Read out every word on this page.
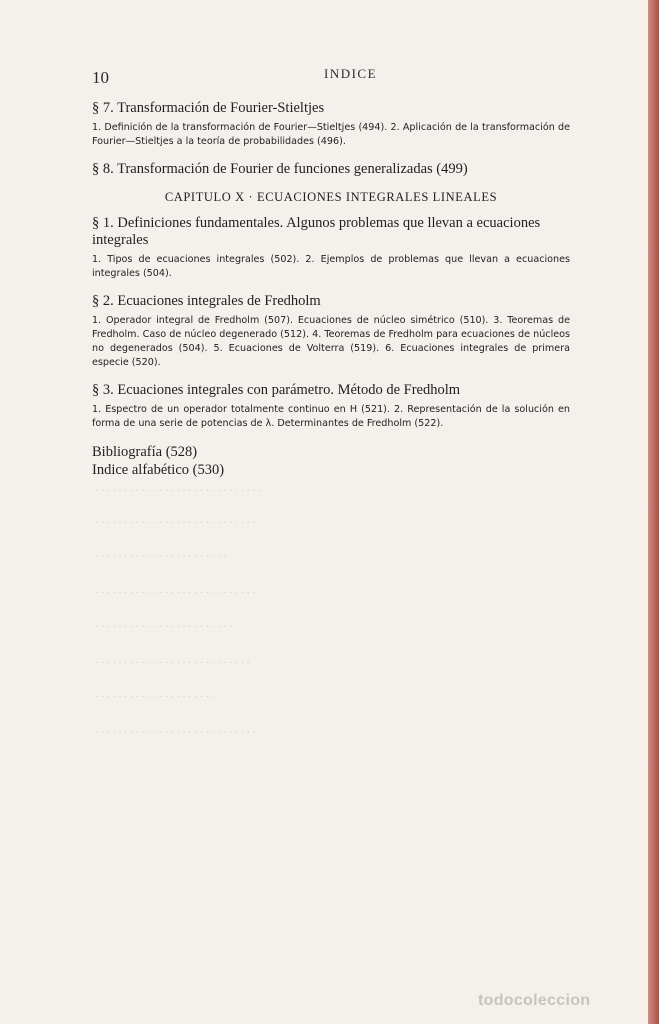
· · · · · · · · · · · · · · · · · · · · · · · · · · · · ·
· · · · · · · · · · · · · · · · · · · · · · · · · · · ·
· · · · · · · · · · · · · · · · · · · · · · ·
· · · · · · · · · · · · · · · · · · · · · · · · · · · ·
· · · · · · · · · · · · · · · · · · · · · · · ·
· · · · · · · · · · · · · · · · · · · · · · · · · · ·
· · · · · · · · · · · · · · · · · · · · ·
· · · · · · · · · · · · · · · · · · · · · · · · · · · ·
10	INDICE

§ 7. Transformación de Fourier-Stieltjes

1. Definición de la transformación de Fourier—Stieltjes (494). 2. Aplicación de la transformación de Fourier—Stieltjes a la teoría de probabilidades (496).

§ 8. Transformación de Fourier de funciones generalizadas (499)

CAPITULO X · ECUACIONES INTEGRALES LINEALES

§ 1. Definiciones fundamentales. Algunos problemas que llevan a ecuaciones integrales

1. Tipos de ecuaciones integrales (502). 2. Ejemplos de problemas que llevan a ecuaciones integrales (504).

§ 2. Ecuaciones integrales de Fredholm

1. Operador integral de Fredholm (507). Ecuaciones de núcleo simétrico (510). 3. Teoremas de Fredholm. Caso de núcleo degenerado (512). 4. Teoremas de Fredholm para ecuaciones de núcleos no degenerados (504). 5. Ecuaciones de Volterra (519). 6. Ecuaciones integrales de primera especie (520).

§ 3. Ecuaciones integrales con parámetro. Método de Fredholm

1. Espectro de un operador totalmente continuo en H (521). 2. Representación de la solución en forma de una serie de potencias de λ. Determinantes de Fredholm (522).

Bibliografía (528)

Indice alfabético (530)

todocoleccion
